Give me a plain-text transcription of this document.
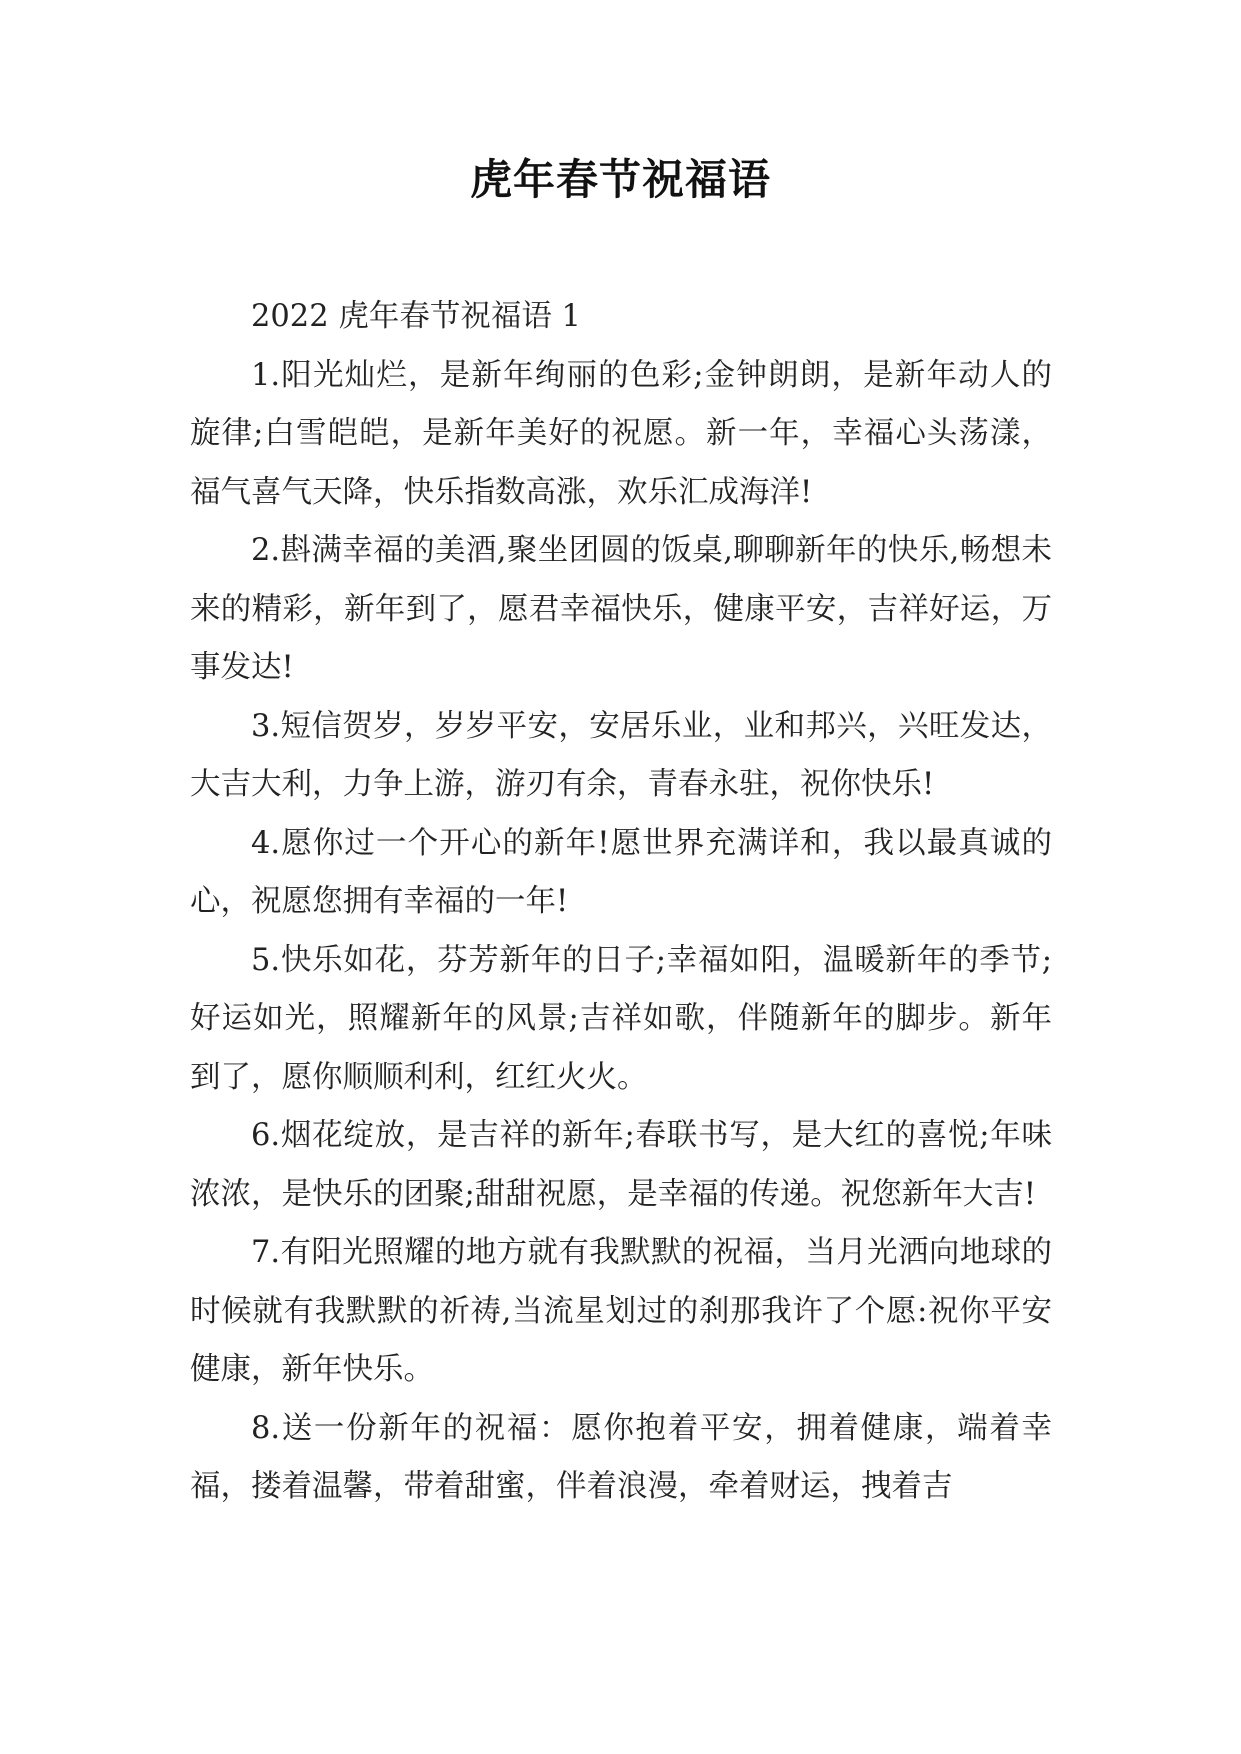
虎年春节祝福语

2022 虎年春节祝福语 1

1.阳光灿烂，是新年绚丽的色彩;金钟朗朗，是新年动人的旋律;白雪皑皑，是新年美好的祝愿。新一年，幸福心头荡漾，福气喜气天降，快乐指数高涨，欢乐汇成海洋!

2.斟满幸福的美酒,聚坐团圆的饭桌,聊聊新年的快乐,畅想未来的精彩，新年到了，愿君幸福快乐，健康平安，吉祥好运，万事发达!

3.短信贺岁，岁岁平安，安居乐业，业和邦兴，兴旺发达，大吉大利，力争上游，游刃有余，青春永驻，祝你快乐!

4.愿你过一个开心的新年!愿世界充满详和，我以最真诚的心，祝愿您拥有幸福的一年!

5.快乐如花，芬芳新年的日子;幸福如阳，温暖新年的季节;好运如光，照耀新年的风景;吉祥如歌，伴随新年的脚步。新年到了，愿你顺顺利利，红红火火。

6.烟花绽放，是吉祥的新年;春联书写，是大红的喜悦;年味浓浓，是快乐的团聚;甜甜祝愿，是幸福的传递。祝您新年大吉!

7.有阳光照耀的地方就有我默默的祝福，当月光洒向地球的时候就有我默默的祈祷,当流星划过的刹那我许了个愿:祝你平安健康，新年快乐。

8.送一份新年的祝福：愿你抱着平安，拥着健康，端着幸福，搂着温馨，带着甜蜜，伴着浪漫，牵着财运，拽着吉
